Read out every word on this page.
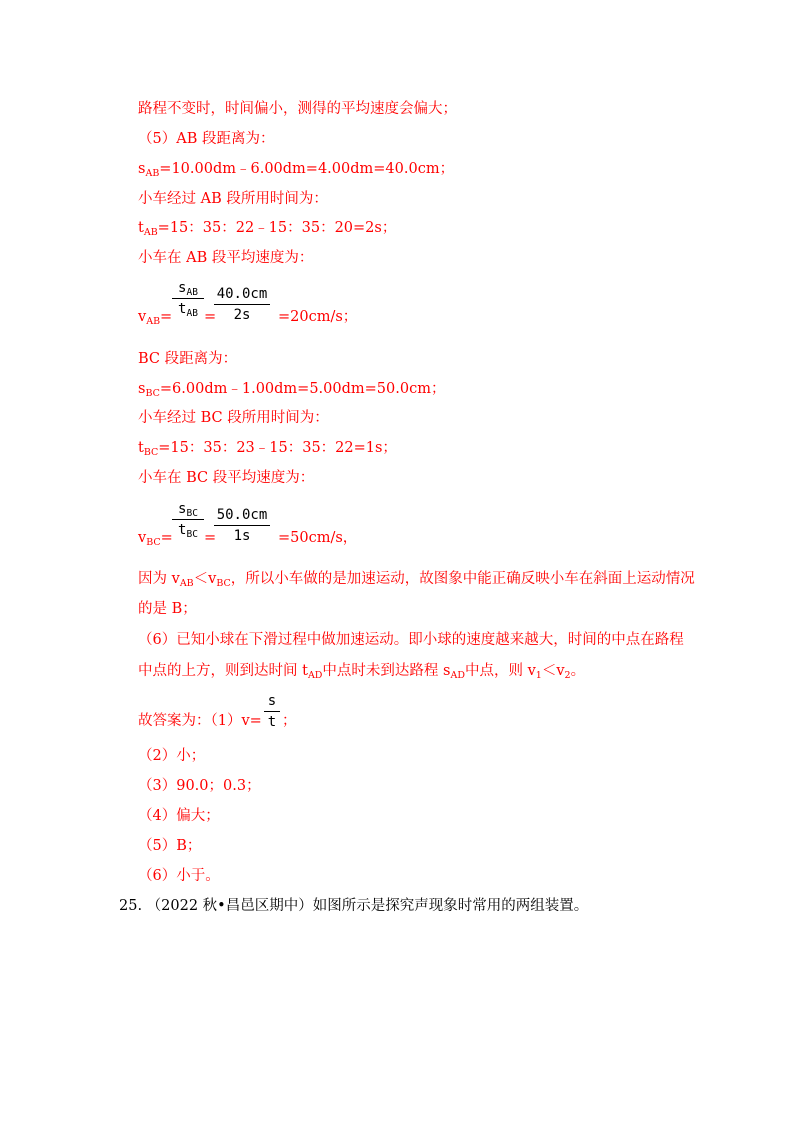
路程不变时，时间偏小，测得的平均速度会偏大；
（5）AB 段距离为：
$s_{AB}=10.00dm﹣6.00dm=4.00dm=40.0cm$；
小车经过 AB 段所用时间为：
$t_{AB}=15$：35：22﹣15：35：20=2s；
小车在 AB 段平均速度为：
$v_{AB}=$
$s_{AB}$
$t_{AB}$ =
40.0cm
2s	=20cm/s；
BC 段距离为：
$s_{BC}=6.00dm﹣1.00dm=5.00dm=50.0cm$；
小车经过 BC 段所用时间为：
$t_{BC}=15$：35：23﹣15：35：22=1s；
小车在 BC 段平均速度为：
$v_{BC}=$
$s_{BC}$
$t_{BC}$ =
50.0cm
1s	=50cm/s，
因为 $v_{AB}<v_{BC}$，所以小车做的是加速运动，故图象中能正确反映小车在斜面上运动情况
的是 B；
（6）已知小球在下滑过程中做加速运动。即小球的速度越来越大，时间的中点在路程
中点的上方，则到达时间 $t_{AD}$中点时未到达路程 $s_{AD}$中点，则 $v_1<v_2$。
故答案为：（1）v=
s
t ；
（2）小；
（3）90.0；0.3；
（4）偏大；
（5）B；
（6）小于。
25. （2022 秋•昌邑区期中）如图所示是探究声现象时常用的两组装置。
